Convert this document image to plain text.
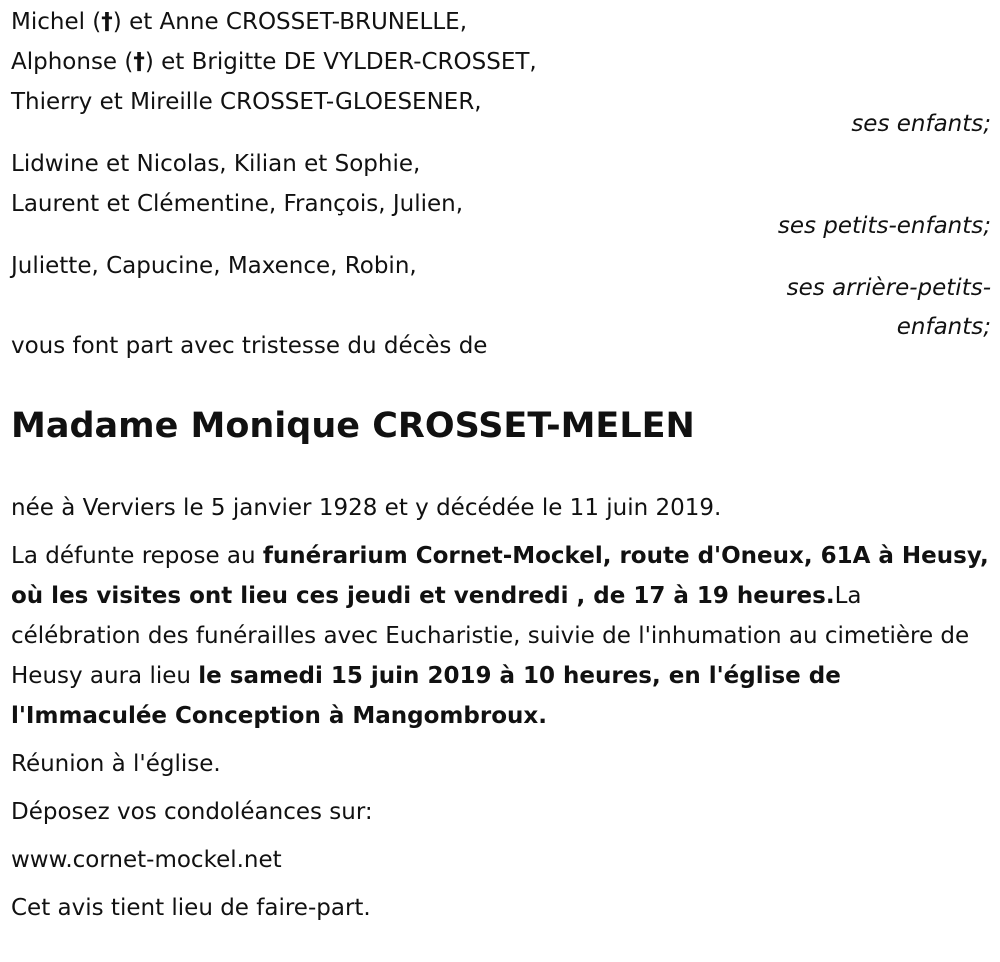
Michel (†) et Anne CROSSET-BRUNELLE,
Alphonse (†) et Brigitte DE VYLDER-CROSSET,
Thierry et Mireille CROSSET-GLOESENER,
ses enfants;
Lidwine et Nicolas, Kilian et Sophie,
Laurent et Clémentine, François, Julien,
ses petits-enfants;
Juliette, Capucine, Maxence, Robin,
ses arrière-petits-
enfants;
vous font part avec tristesse du décès de
Madame Monique CROSSET-MELEN

née à Verviers le 5 janvier 1928 et y décédée le 11 juin 2019.

La défunte repose au funérarium Cornet-Mockel, route d'Oneux, 61A à Heusy, où les visites ont lieu ces jeudi et vendredi , de 17 à 19 heures.La célébration des funérailles avec Eucharistie, suivie de l'inhumation au cimetière de Heusy aura lieu le samedi 15 juin 2019 à 10 heures, en l'église de l'Immaculée Conception à Mangombroux.

Réunion à l'église.

Déposez vos condoléances sur:

www.cornet-mockel.net

Cet avis tient lieu de faire-part.
